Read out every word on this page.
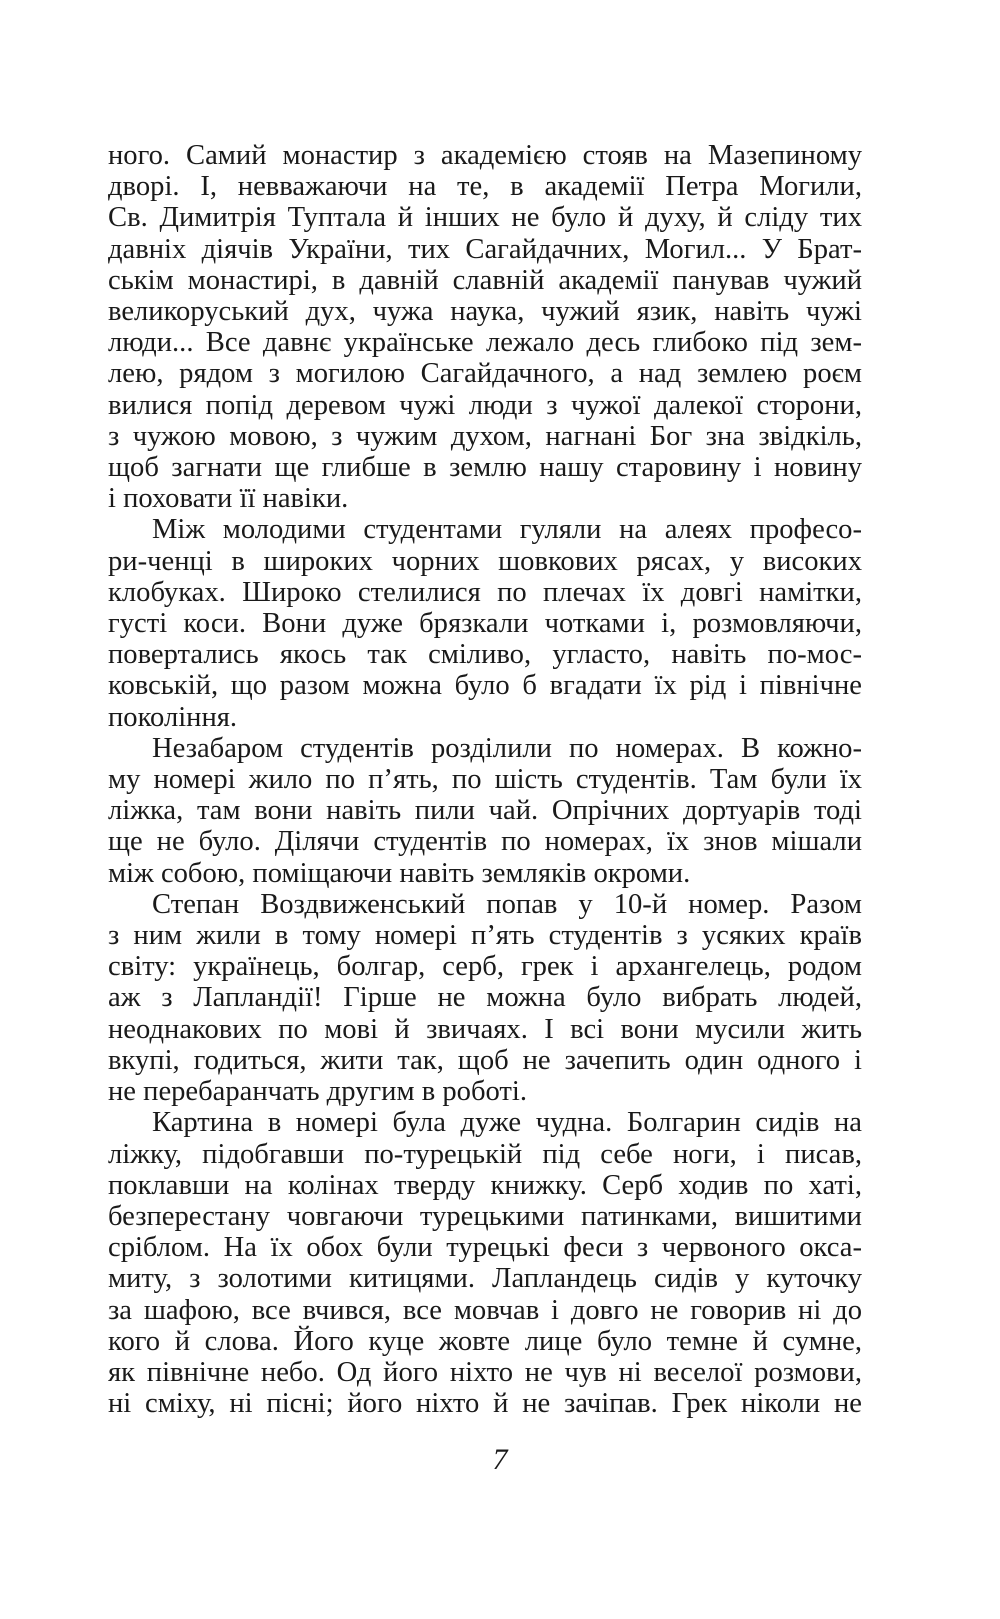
ного. Самий монастир з академією стояв на Мазепиному
дворі. І, невважаючи на те, в академії Петра Могили,
Св. Димитрія Туптала й інших не було й духу, й сліду тих
давніх діячів України, тих Сагайдачних, Могил... У Брат-
ськім монастирі, в давній славній академії панував чужий
великоруський дух, чужа наука, чужий язик, навіть чужі
люди... Все давнє українське лежало десь глибоко під зем-
лею, рядом з могилою Сагайдачного, а над землею роєм
вилися попід деревом чужі люди з чужої далекої сторони,
з чужою мовою, з чужим духом, нагнані Бог зна звідкіль,
щоб загнати ще глибше в землю нашу старовину і новину
і поховати її навіки.
Між молодими студентами гуляли на алеях професо-
ри-ченці в широких чорних шовкових рясах, у високих
клобуках. Широко стелилися по плечах їх довгі намітки,
густі коси. Вони дуже брязкали чотками і, розмовляючи,
повертались якось так сміливо, угласто, навіть по-мос-
ковській, що разом можна було б вгадати їх рід і північне
покоління.
Незабаром студентів розділили по номерах. В кожно-
му номері жило по п’ять, по шість студентів. Там були їх
ліжка, там вони навіть пили чай. Опрічних дортуарів тоді
ще не було. Ділячи студентів по номерах, їх знов мішали
між собою, поміщаючи навіть земляків окроми.
Степан Воздвиженський попав у 10-й номер. Разом
з ним жили в тому номері п’ять студентів з усяких країв
світу: українець, болгар, серб, грек і архангелець, родом
аж з Лапландії! Гірше не можна було вибрать людей,
неоднакових по мові й звичаях. І всі вони мусили жить
вкупі, годиться, жити так, щоб не зачепить один одного і
не перебаранчать другим в роботі.
Картина в номері була дуже чудна. Болгарин сидів на
ліжку, підобгавши по-турецькій під себе ноги, і писав,
поклавши на колінах тверду книжку. Серб ходив по хаті,
безперестану човгаючи турецькими патинками, вишитими
сріблом. На їх обох були турецькі феси з червоного окса-
миту, з золотими китицями. Лапландець сидів у куточку
за шафою, все вчився, все мовчав і довго не говорив ні до
кого й слова. Його куце жовте лице було темне й сумне,
як північне небо. Од його ніхто не чув ні веселої розмови,
ні сміху, ні пісні; його ніхто й не зачіпав. Грек ніколи не
7
